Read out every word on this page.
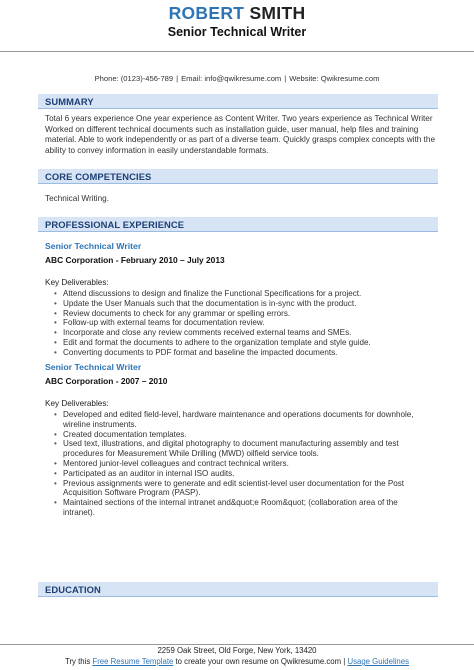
ROBERT SMITH
Senior Technical Writer
Phone: (0123)-456-789 | Email: info@qwikresume.com | Website: Qwikresume.com
SUMMARY
Total 6 years experience One year experience as Content Writer. Two years experience as Technical Writer Worked on different technical documents such as installation guide, user manual, help files and training material. Able to work independently or as part of a diverse team. Quickly grasps complex concepts with the ability to convey information in easily understandable formats.
CORE COMPETENCIES
Technical Writing.
PROFESSIONAL EXPERIENCE
Senior Technical Writer
ABC Corporation - February 2010 – July 2013
Key Deliverables:
• Attend discussions to design and finalize the Functional Specifications for a project.
• Update the User Manuals such that the documentation is in-sync with the product.
• Review documents to check for any grammar or spelling errors.
• Follow-up with external teams for documentation review.
• Incorporate and close any review comments received external teams and SMEs.
• Edit and format the documents to adhere to the organization template and style guide.
• Converting documents to PDF format and baseline the impacted documents.
Senior Technical Writer
ABC Corporation - 2007 – 2010
Key Deliverables:
• Developed and edited field-level, hardware maintenance and operations documents for downhole, wireline instruments.
• Created documentation templates.
• Used text, illustrations, and digital photography to document manufacturing assembly and test procedures for Measurement While Drilling (MWD) oilfield service tools.
• Mentored junior-level colleagues and contract technical writers.
• Participated as an auditor in internal ISO audits.
• Previous assignments were to generate and edit scientist-level user documentation for the Post Acquisition Software Program (PASP).
• Maintained sections of the internal intranet and&quot;e Room&quot; (collaboration area of the intranet).
EDUCATION
2259 Oak Street, Old Forge, New York, 13420
Try this Free Resume Template to create your own resume on Qwikresume.com | Usage Guidelines
